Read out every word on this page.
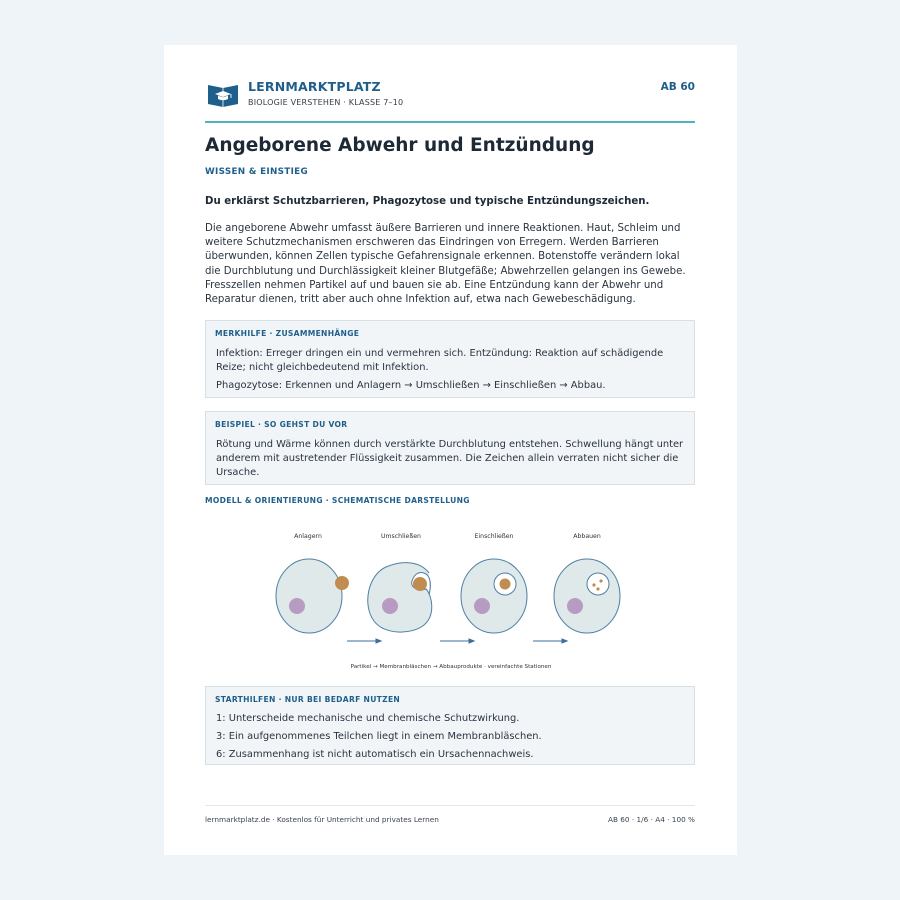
LERNMARKTPLATZ
BIOLOGIE VERSTEHEN · KLASSE 7–10
AB 60
Angeborene Abwehr und Entzündung
WISSEN & EINSTIEG
Du erklärst Schutzbarrieren, Phagozytose und typische Entzündungszeichen.

Die angeborene Abwehr umfasst äußere Barrieren und innere Reaktionen. Haut, Schleim und weitere Schutzmechanismen erschweren das Eindringen von Erregern. Werden Barrieren überwunden, können Zellen typische Gefahrensignale erkennen. Botenstoffe verändern lokal die Durchblutung und Durchlässigkeit kleiner Blutgefäße; Abwehrzellen gelangen ins Gewebe. Fresszellen nehmen Partikel auf und bauen sie ab. Eine Entzündung kann der Abwehr und Reparatur dienen, tritt aber auch ohne Infektion auf, etwa nach Gewebeschädigung.

MERKHILFE · ZUSAMMENHÄNGE

Infektion: Erreger dringen ein und vermehren sich. Entzündung: Reaktion auf schädigende Reize; nicht gleichbedeutend mit Infektion.

Phagozytose: Erkennen und Anlagern → Umschließen → Einschließen → Abbau.

BEISPIEL · SO GEHST DU VOR

Rötung und Wärme können durch verstärkte Durchblutung entstehen. Schwellung hängt unter anderem mit austretender Flüssigkeit zusammen. Die Zeichen allein verraten nicht sicher die Ursache.

MODELL & ORIENTIERUNG · SCHEMATISCHE DARSTELLUNG
Anlagern	Umschließen	Einschließen	Abbauen
Partikel → Membranbläschen → Abbauprodukte · vereinfachte Stationen
STARTHILFEN · NUR BEI BEDARF NUTZEN

1: Unterscheide mechanische und chemische Schutzwirkung.

3: Ein aufgenommenes Teilchen liegt in einem Membranbläschen.

6: Zusammenhang ist nicht automatisch ein Ursachennachweis.

lernmarktplatz.de · Kostenlos für Unterricht und privates Lernen	AB 60 · 1/6 · A4 · 100 %
